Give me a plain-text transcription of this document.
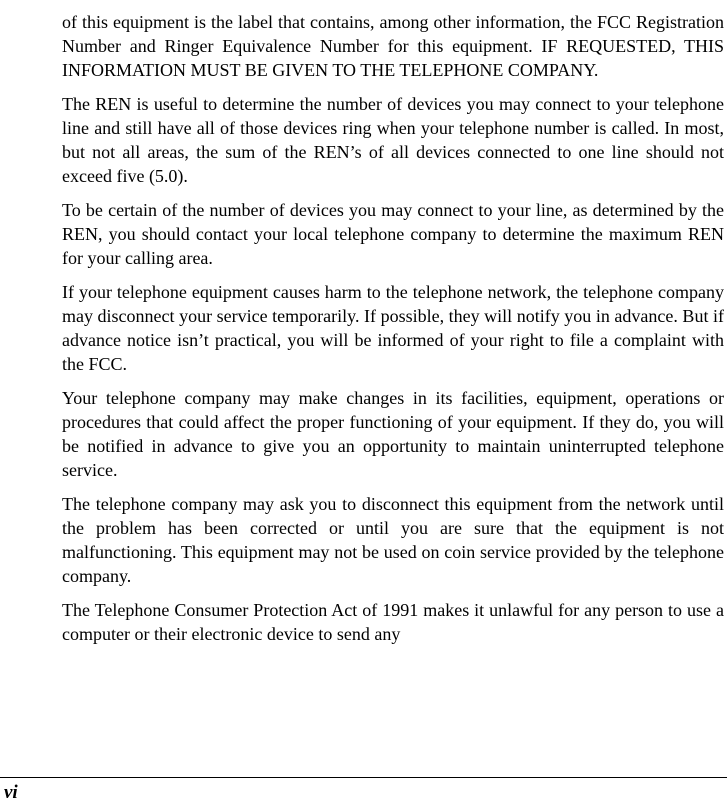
of this equipment is the label that contains, among other information, the FCC Registration Number and Ringer Equivalence Number for this equipment. IF REQUESTED, THIS INFORMATION MUST BE GIVEN TO THE TELEPHONE COMPANY.

The REN is useful to determine the number of devices you may connect to your telephone line and still have all of those devices ring when your telephone number is called. In most, but not all areas, the sum of the REN’s of all devices connected to one line should not exceed five (5.0).

To be certain of the number of devices you may connect to your line, as determined by the REN, you should contact your local telephone company to determine the maximum REN for your calling area.

If your telephone equipment causes harm to the telephone network, the telephone company may disconnect your service temporarily. If possible, they will notify you in advance. But if advance notice isn’t practical, you will be informed of your right to file a complaint with the FCC.

Your telephone company may make changes in its facilities, equipment, operations or procedures that could affect the proper functioning of your equipment. If they do, you will be notified in advance to give you an opportunity to maintain uninterrupted telephone service.

The telephone company may ask you to disconnect this equipment from the network until the problem has been corrected or until you are sure that the equipment is not malfunctioning. This equipment may not be used on coin service provided by the telephone company.

The Telephone Consumer Protection Act of 1991 makes it unlawful for any person to use a computer or their electronic device to send any

vi
